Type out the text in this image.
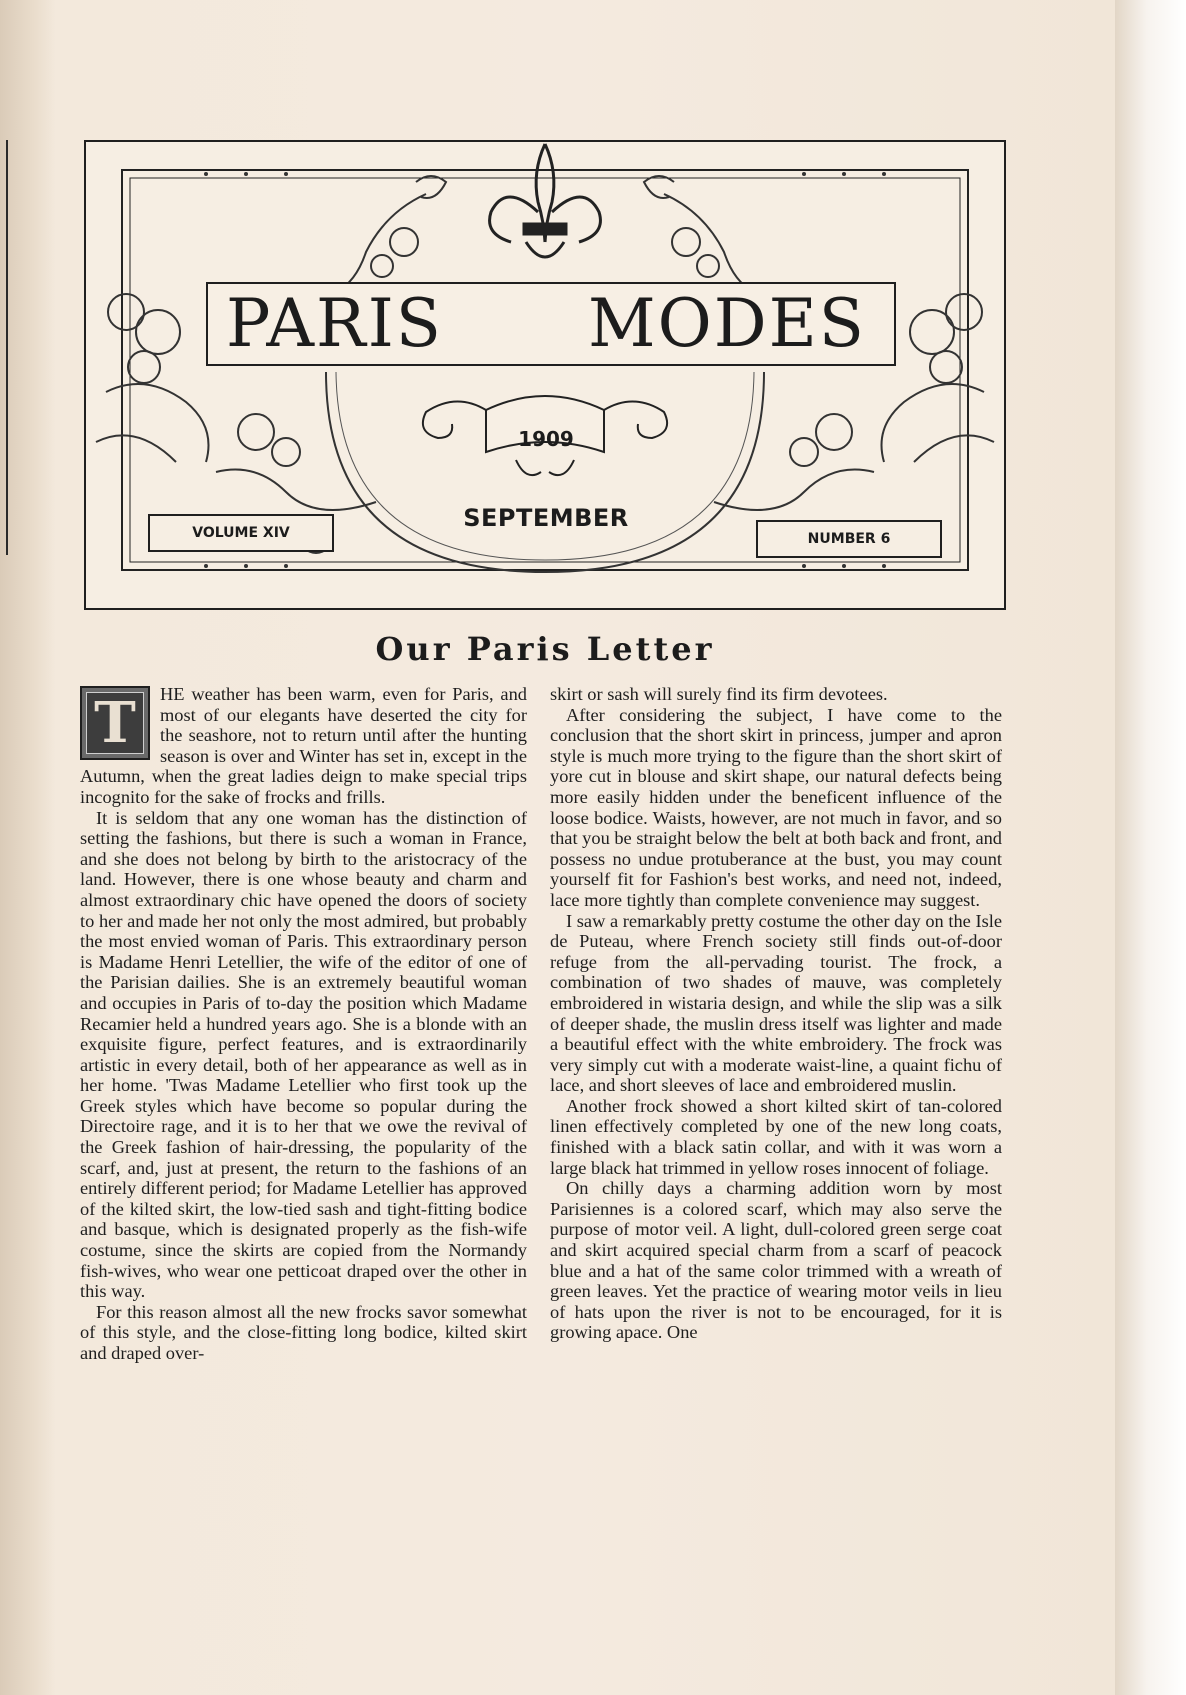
PARIS MODES
1909
SEPTEMBER
VOLUME XIV	NUMBER 6
Our Paris Letter

T HE weather has been warm, even for Paris, and most of our elegants have deserted the city for the seashore, not to return until after the hunting season is over and Winter has set in, except in the Autumn, when the great ladies deign to make special trips incognito for the sake of frocks and frills.

It is seldom that any one woman has the distinction of setting the fashions, but there is such a woman in France, and she does not belong by birth to the aristocracy of the land. However, there is one whose beauty and charm and almost extraordinary chic have opened the doors of society to her and made her not only the most admired, but probably the most envied woman of Paris. This extraordinary person is Madame Henri Letellier, the wife of the editor of one of the Parisian dailies. She is an extremely beautiful woman and occupies in Paris of to-day the position which Madame Recamier held a hundred years ago. She is a blonde with an exquisite figure, perfect features, and is extraordinarily artistic in every detail, both of her appearance as well as in her home. 'Twas Madame Letellier who first took up the Greek styles which have become so popular during the Directoire rage, and it is to her that we owe the revival of the Greek fashion of hair-dressing, the popularity of the scarf, and, just at present, the return to the fashions of an entirely different period; for Madame Letellier has approved of the kilted skirt, the low-tied sash and tight-fitting bodice and basque, which is designated properly as the fish-wife costume, since the skirts are copied from the Normandy fish-wives, who wear one petticoat draped over the other in this way.

For this reason almost all the new frocks savor somewhat of this style, and the close-fitting long bodice, kilted skirt and draped over-

skirt or sash will surely find its firm devotees.

After considering the subject, I have come to the conclusion that the short skirt in princess, jumper and apron style is much more trying to the figure than the short skirt of yore cut in blouse and skirt shape, our natural defects being more easily hidden under the beneficent influence of the loose bodice. Waists, however, are not much in favor, and so that you be straight below the belt at both back and front, and possess no undue protuberance at the bust, you may count yourself fit for Fashion's best works, and need not, indeed, lace more tightly than complete convenience may suggest.

I saw a remarkably pretty costume the other day on the Isle de Puteau, where French society still finds out-of-door refuge from the all-pervading tourist. The frock, a combination of two shades of mauve, was completely embroidered in wistaria design, and while the slip was a silk of deeper shade, the muslin dress itself was lighter and made a beautiful effect with the white embroidery. The frock was very simply cut with a moderate waist-line, a quaint fichu of lace, and short sleeves of lace and embroidered muslin.

Another frock showed a short kilted skirt of tan-colored linen effectively completed by one of the new long coats, finished with a black satin collar, and with it was worn a large black hat trimmed in yellow roses innocent of foliage.

On chilly days a charming addition worn by most Parisiennes is a colored scarf, which may also serve the purpose of motor veil. A light, dull-colored green serge coat and skirt acquired special charm from a scarf of peacock blue and a hat of the same color trimmed with a wreath of green leaves. Yet the practice of wearing motor veils in lieu of hats upon the river is not to be encouraged, for it is growing apace. One
